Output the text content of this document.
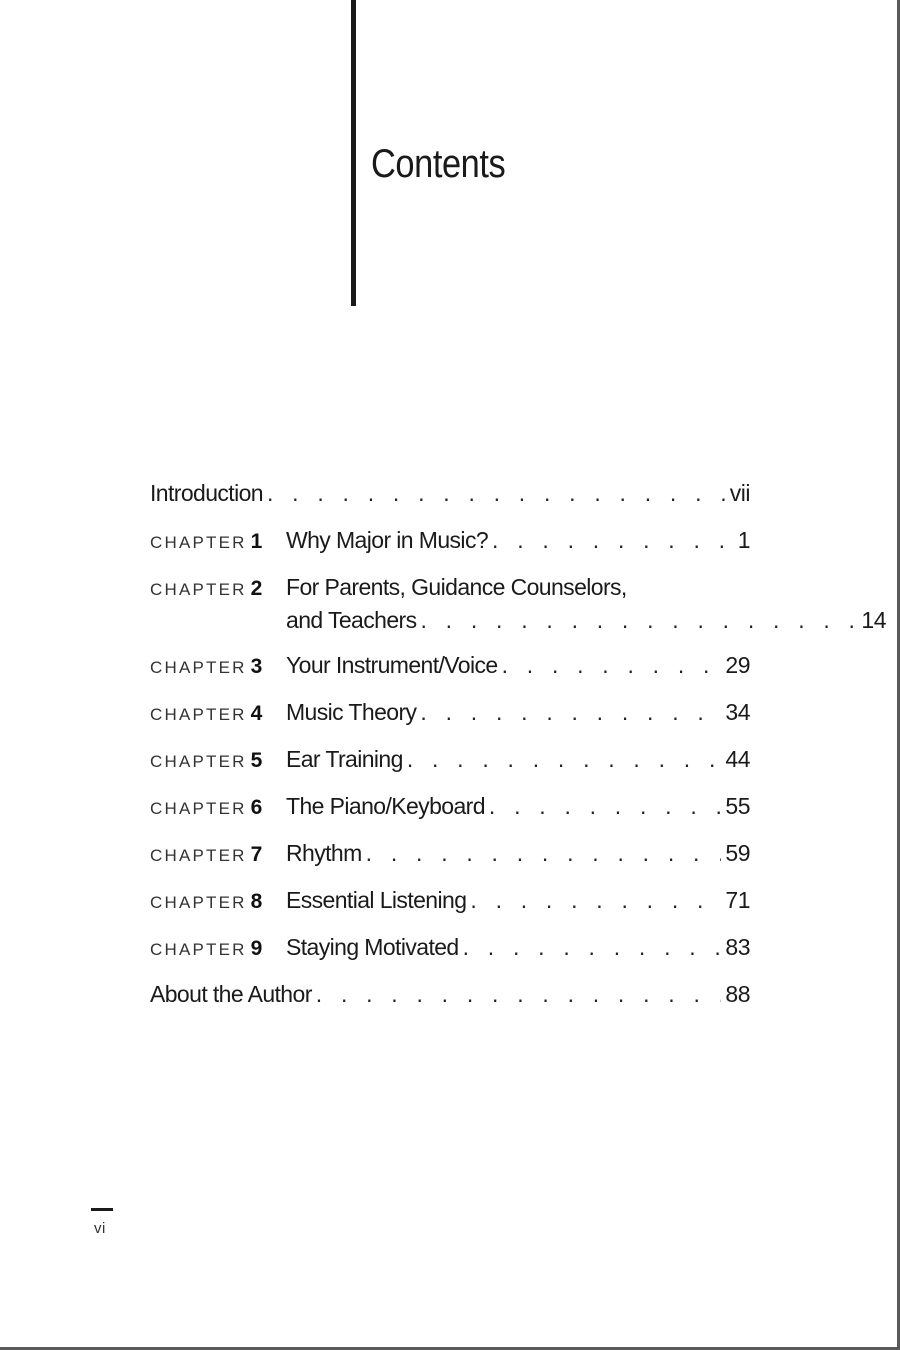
Contents
Introduction . . .	vii
CHAPTER 1	Why Major in Music? . . .	1
CHAPTER 2	For Parents, Guidance Counselors,
and Teachers . . .	14
CHAPTER 3	Your Instrument/Voice . . .	29
CHAPTER 4	Music Theory . . .	34
CHAPTER 5	Ear Training . . .	44
CHAPTER 6	The Piano/Keyboard . . .	55
CHAPTER 7	Rhythm . . .	59
CHAPTER 8	Essential Listening . . .	71
CHAPTER 9	Staying Motivated . . .	83
About the Author . . .	88
vi
